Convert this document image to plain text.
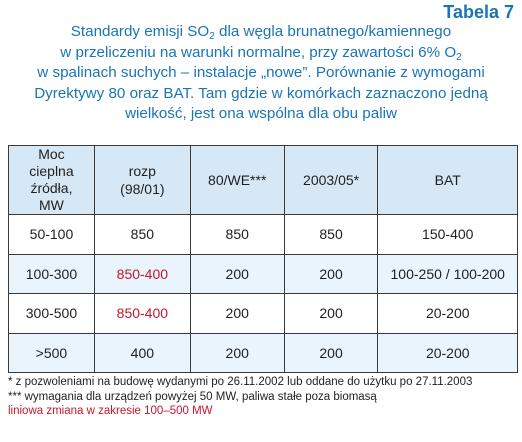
Tabela 7
Standardy emisji $SO_2$ dla węgla brunatnego/kamiennego
w przeliczeniu na warunki normalne, przy zawartości 6% $O_2$
w spalinach suchych – instalacje „nowe”. Porównanie z wymogami
Dyrektywy 80 oraz BAT. Tam gdzie w komórkach zaznaczono jedną
wielkość, jest ona wspólna dla obu paliw
Moc cieplna źródła, MW	rozp (98/01)	80/WE***	2003/05*	BAT
50-100	850	850	850	150-400
100-300	850-400	200	200	100-250 / 100-200
300-500	850-400	200	200	20-200
>500	400	200	200	20-200
* z pozwoleniami na budowę wydanymi po 26.11.2002 lub oddane do użytku po 27.11.2003
*** wymagania dla urządzeń powyżej 50 MW, paliwa stałe poza biomasą
liniowa zmiana w zakresie 100–500 MW
